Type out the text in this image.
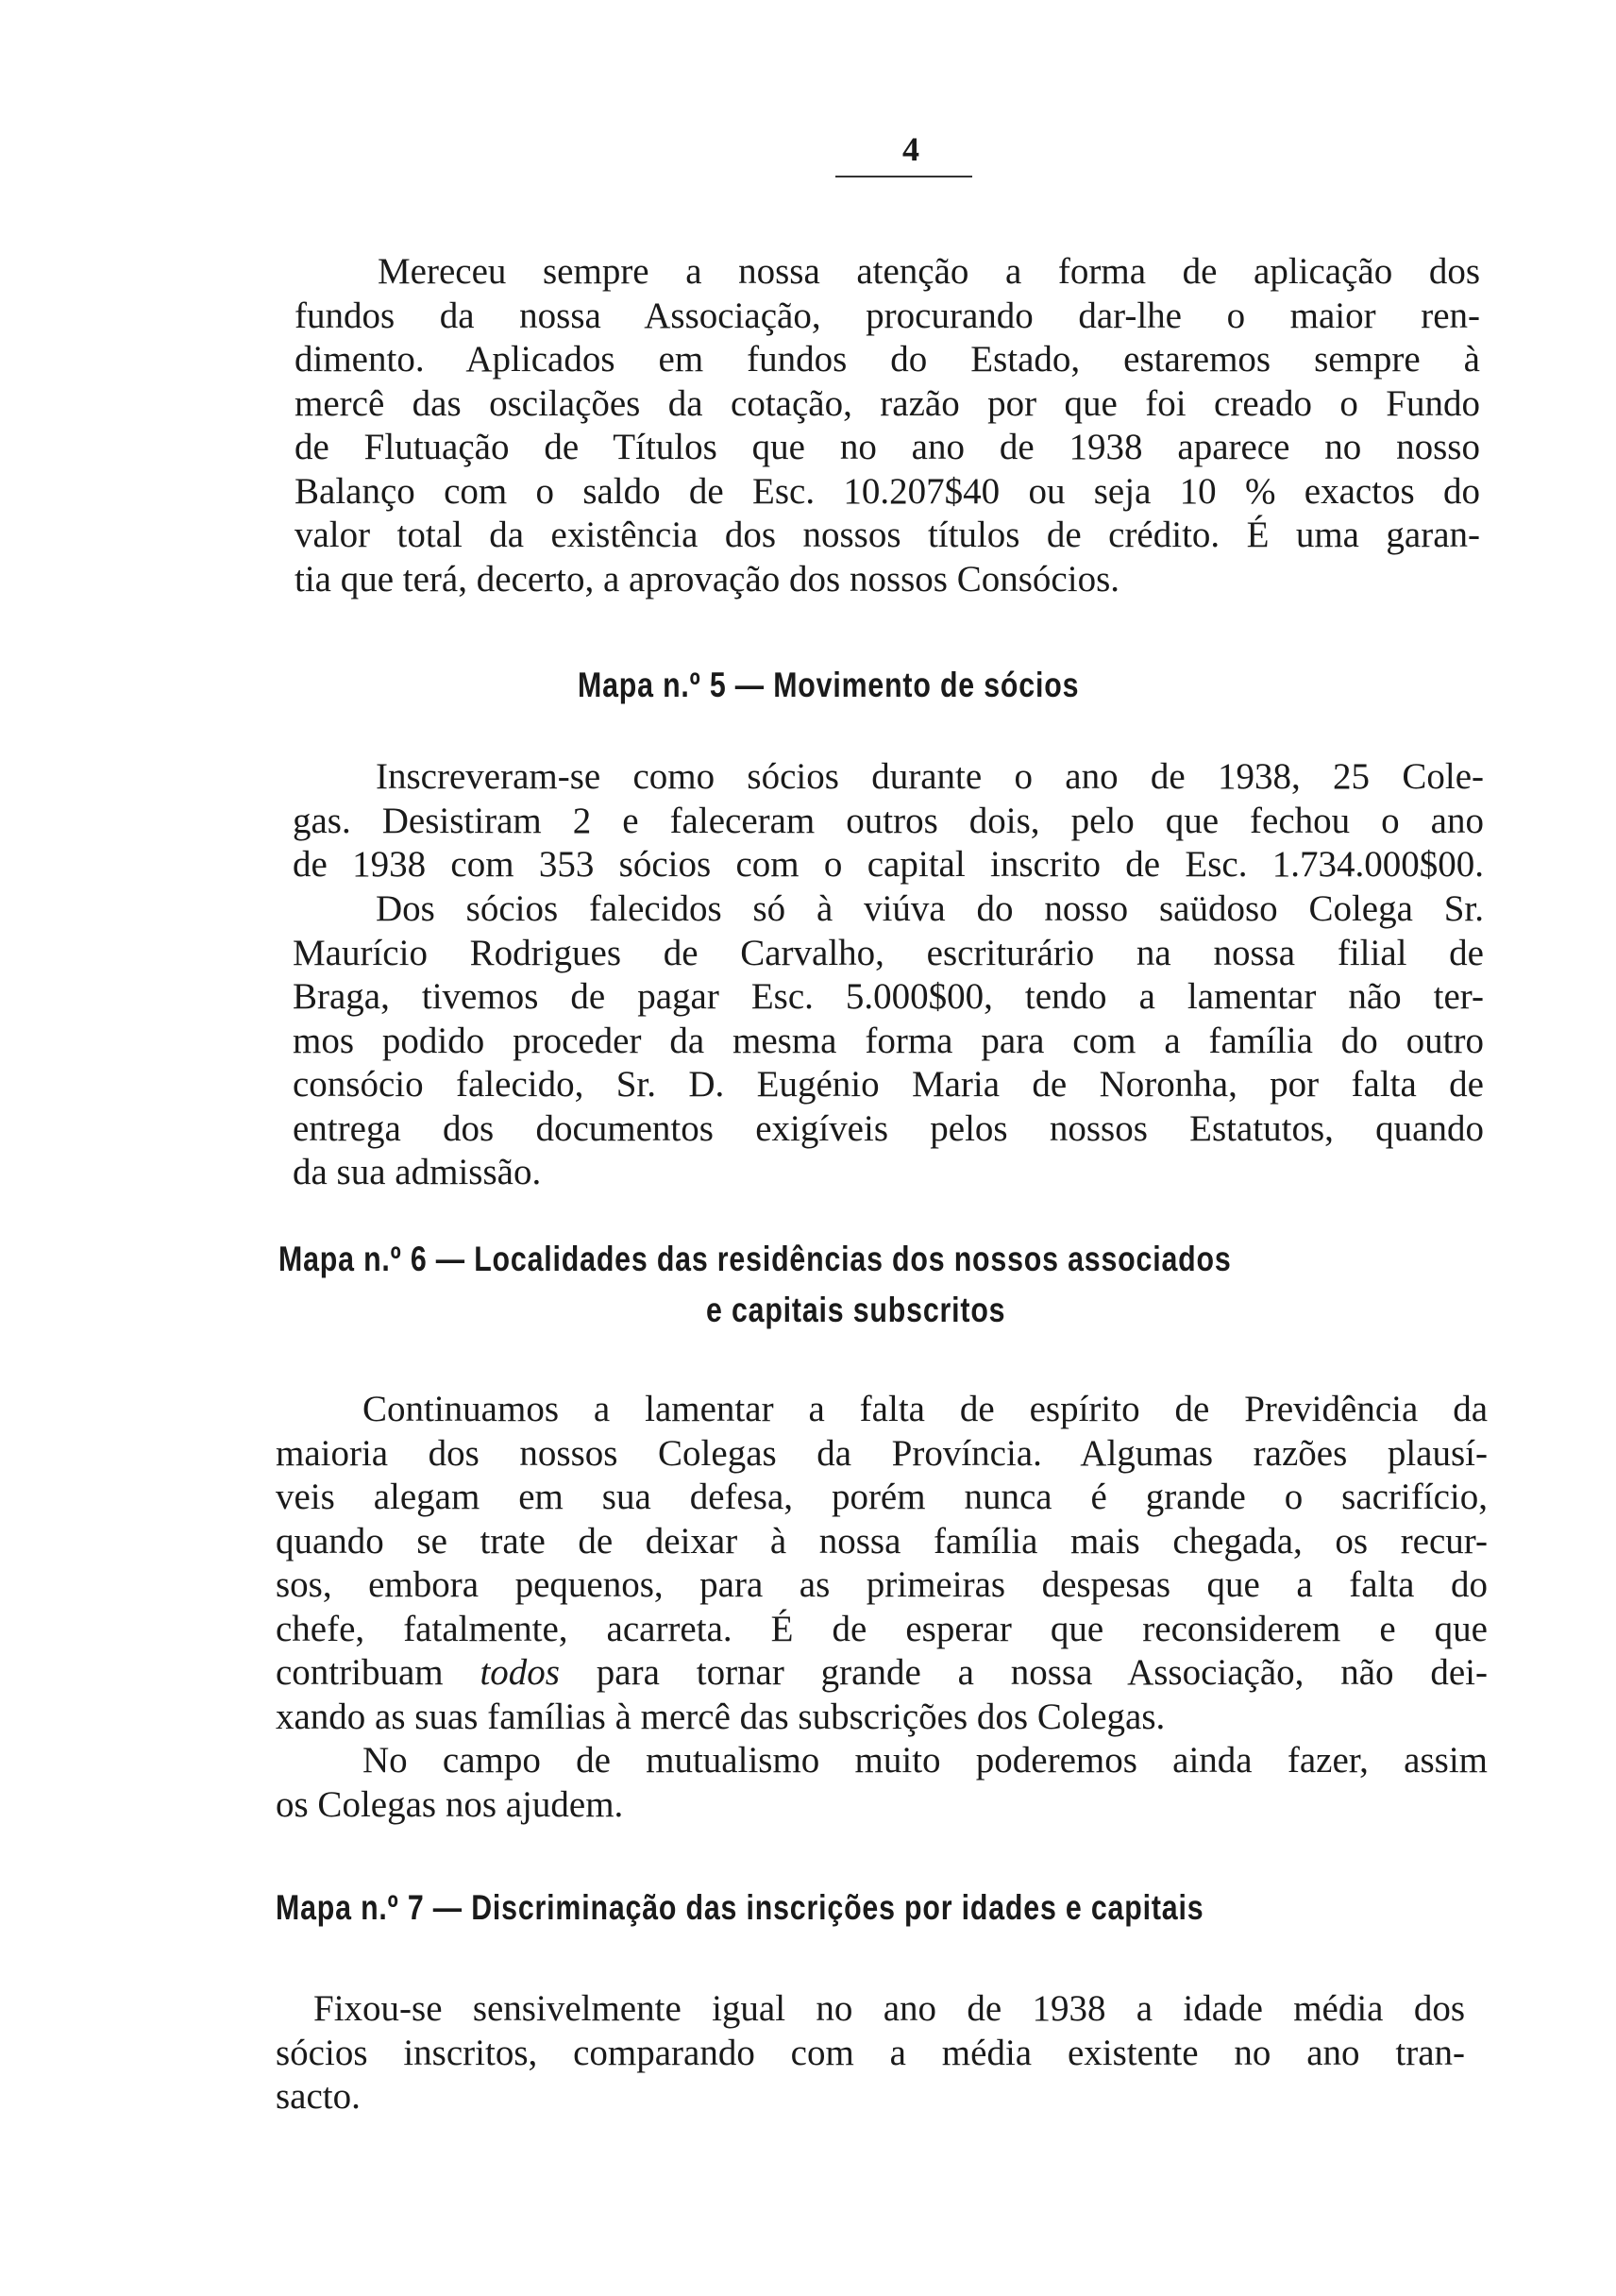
4
Mereceu sempre a nossa atenção a forma de aplicação dos
fundos da nossa Associação, procurando dar-lhe o maior ren-
dimento. Aplicados em fundos do Estado, estaremos sempre à
mercê das oscilações da cotação, razão por que foi creado o Fundo
de Flutuação de Títulos que no ano de 1938 aparece no nosso
Balanço com o saldo de Esc. 10.207$40 ou seja 10 % exactos do
valor total da existência dos nossos títulos de crédito. É uma garan-
tia que terá, decerto, a aprovação dos nossos Consócios.
Mapa n.º 5 — Movimento de sócios
Inscreveram-se como sócios durante o ano de 1938, 25 Cole-
gas. Desistiram 2 e faleceram outros dois, pelo que fechou o ano
de 1938 com 353 sócios com o capital inscrito de Esc. 1.734.000$00.
Dos sócios falecidos só à viúva do nosso saüdoso Colega Sr.
Maurício Rodrigues de Carvalho, escriturário na nossa filial de
Braga, tivemos de pagar Esc. 5.000$00, tendo a lamentar não ter-
mos podido proceder da mesma forma para com a família do outro
consócio falecido, Sr. D. Eugénio Maria de Noronha, por falta de
entrega dos documentos exigíveis pelos nossos Estatutos, quando
da sua admissão.
Mapa n.º 6 — Localidades das residências dos nossos associados
e capitais subscritos
Continuamos a lamentar a falta de espírito de Previdência da
maioria dos nossos Colegas da Província. Algumas razões plausí-
veis alegam em sua defesa, porém nunca é grande o sacrifício,
quando se trate de deixar à nossa família mais chegada, os recur-
sos, embora pequenos, para as primeiras despesas que a falta do
chefe, fatalmente, acarreta. É de esperar que reconsiderem e que
contribuam todos para tornar grande a nossa Associação, não dei-
xando as suas famílias à mercê das subscrições dos Colegas.
No campo de mutualismo muito poderemos ainda fazer, assim
os Colegas nos ajudem.
Mapa n.º 7 — Discriminação das inscrições por idades e capitais
Fixou-se sensivelmente igual no ano de 1938 a idade média dos
sócios inscritos, comparando com a média existente no ano tran-
sacto.
